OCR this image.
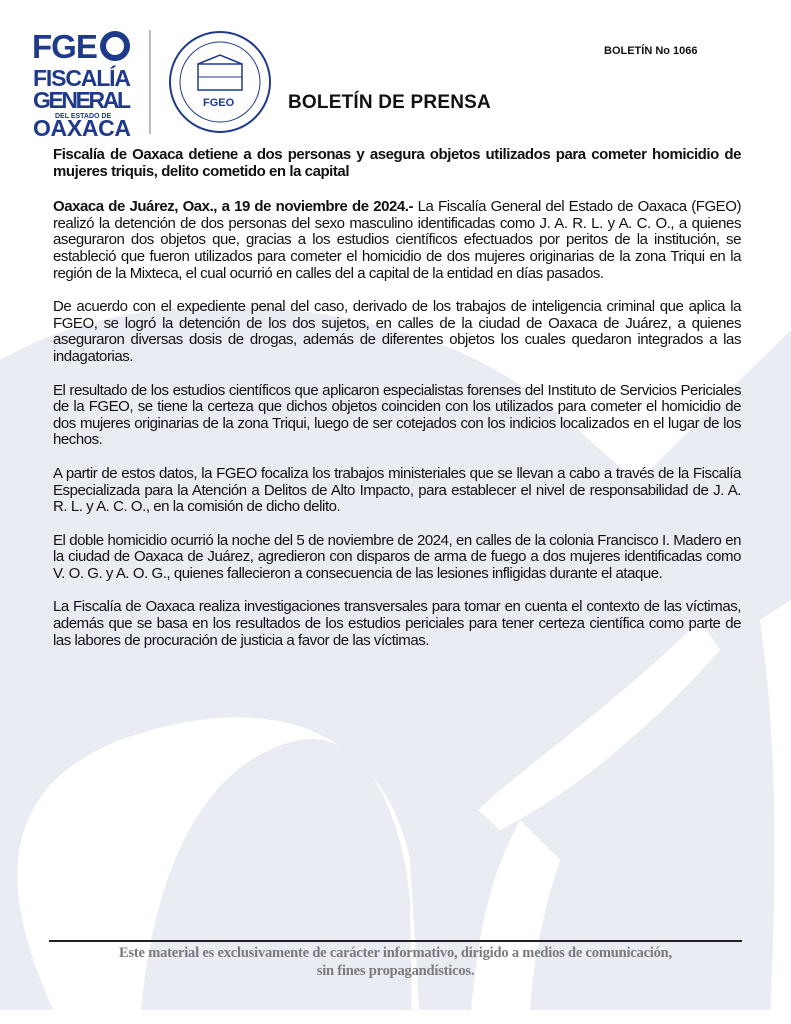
FGE
FISCALÍA
GENERAL
DEL ESTADO DE
OAXACA
FGEO
BOLETÍN No 1066
BOLETÍN DE PRENSA
Fiscalía de Oaxaca detiene a dos personas y asegura objetos utilizados para cometer homicidio de mujeres triquis, delito cometido en la capital

Oaxaca de Juárez, Oax., a 19 de noviembre de 2024.- La Fiscalía General del Estado de Oaxaca (FGEO) realizó la detención de dos personas del sexo masculino identificadas como J. A. R. L. y A. C. O., a quienes aseguraron dos objetos que, gracias a los estudios científicos efectuados por peritos de la institución, se estableció que fueron utilizados para cometer el homicidio de dos mujeres originarias de la zona Triqui en la región de la Mixteca, el cual ocurrió en calles del a capital de la entidad en días pasados.

De acuerdo con el expediente penal del caso, derivado de los trabajos de inteligencia criminal que aplica la FGEO, se logró la detención de los dos sujetos, en calles de la ciudad de Oaxaca de Juárez, a quienes aseguraron diversas dosis de drogas, además de diferentes objetos los cuales quedaron integrados a las indagatorias.

El resultado de los estudios científicos que aplicaron especialistas forenses del Instituto de Servicios Periciales de la FGEO, se tiene la certeza que dichos objetos coinciden con los utilizados para cometer el homicidio de dos mujeres originarias de la zona Triqui, luego de ser cotejados con los indicios localizados en el lugar de los hechos.

A partir de estos datos, la FGEO focaliza los trabajos ministeriales que se llevan a cabo a través de la Fiscalía Especializada para la Atención a Delitos de Alto Impacto, para establecer el nivel de responsabilidad de J. A. R. L. y A. C. O., en la comisión de dicho delito.

El doble homicidio ocurrió la noche del 5 de noviembre de 2024, en calles de la colonia Francisco I. Madero en la ciudad de Oaxaca de Juárez, agredieron con disparos de arma de fuego a dos mujeres identificadas como V. O. G. y A. O. G., quienes fallecieron a consecuencia de las lesiones infligidas durante el ataque.

La Fiscalía de Oaxaca realiza investigaciones transversales para tomar en cuenta el contexto de las víctimas, además que se basa en los resultados de los estudios periciales para tener certeza científica como parte de las labores de procuración de justicia a favor de las víctimas.

Este material es exclusivamente de carácter informativo, dirigido a medios de comunicación,
sin fines propagandísticos.
